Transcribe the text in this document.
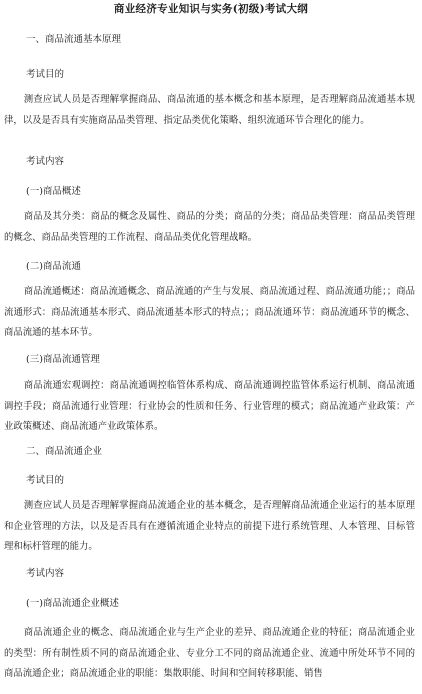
商业经济专业知识与实务(初级)考试大纲
一、商品流通基本原理
考试目的

测查应试人员是否理解掌握商品、商品流通的基本概念和基本原理，是否理解商品流通基本规律，以及是否具有实施商品品类管理、指定品类优化策略、组织流通环节合理化的能力。

考试内容
(一)商品概述

商品及其分类：商品的概念及属性、商品的分类；商品的分类；商品品类管理：商品品类管理的概念、商品品类管理的工作流程、商品品类优化管理战略。

(二)商品流通

商品流通概述：商品流通概念、商品流通的产生与发展、商品流通过程、商品流通功能；；商品流通形式：商品流通基本形式、商品流通基本形式的特点；；商品流通环节：商品流通环节的概念、商品流通的基本环节。

(三)商品流通管理

商品流通宏观调控：商品流通调控临管体系构成、商品流通调控监管体系运行机制、商品流通调控手段；商品流通行业管理：行业协会的性质和任务、行业管理的模式；商品流通产业政策：产业政策概述、商品流通产业政策体系。

二、商品流通企业
考试目的

测查应试人员是否理解掌握商品流通企业的基本概念，是否理解商品流通企业运行的基本原理和企业管理的方法，以及是否具有在遵循流通企业特点的前提下进行系统管理、人本管理、目标管理和标杆管理的能力。

考试内容
(一)商品流通企业概述

商品流通企业的概念、商品流通企业与生产企业的差异、商品流通企业的特征；商品流通企业的类型：所有制性质不同的商品流通企业、专业分工不同的商品流通企业、流通中所处环节不同的商品流通企业；商品流通企业的职能：集散职能、时间和空间转移职能、销售
